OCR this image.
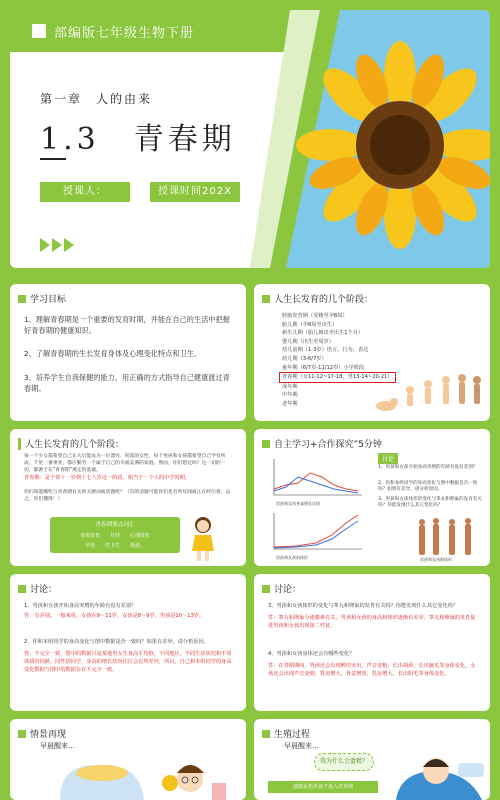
部编版七年级生物下册
第一章　人的由来
1.3　青春期
授课人：	授课时间202X
学习目标
1、理解青春期是一个重要的发育时期，并能在自己的生活中把握好青春期的健康知识。
2、了解青春期的生长发育身体及心理变化特点和卫生。
3、培养学生自我保健的能力，用正确的方式指导自己健康渡过青春期。
人生长发育的几个阶段：
胚胎发育期（受精至孕8周）
胎儿期（孕8周至出生）
新生儿期（胎儿娩出至出生1个月）
婴儿期（出生至周岁）
幼儿前期（1-3岁）语言，行为，表达
幼儿期（3-6/7岁）
童年期（6/7岁-11/12岁）小学阶段
青春期（女11-12~17-18，男13-14~20-21）
成年期
中年期
老年期
人生长发育的几个阶段：
每一个少女都希望自己长大后能成为一位漂亮、窈窕的女性，每个男孩和女孩都希望自己学有所成。千里一番事业，都应勤劳一个属于自己的幸福美满的家庭。然而，你们想过吗？这一切的一切，都源于在“青春期”奠定的基础。
青春期：是个体十一岁到十七八岁这一阶段，相当于一个人的中学时期。
你们知道哪些与青春期有关的关键词或话题呢？（有的话题可能你们也有所耳闻或正在经历着，总之，你们懂得！）
青春期重点词汇
身体发育　　月经　　心理变化
早恋　　性卫生　　叛逆…
自主学习+合作探究”5分钟
男孩和女孩身高增长比较
男孩和女孩的体形
讨论
1、男孩和女孩开始身高突增的年龄有没有差别？
2、你和本组同学的身高变化与图中数据是否一致吗？如果有差异，请分析原因。
3、男孩和女孩体形的变化与睾丸和卵巢的发育有关吗？你能发现什么其它变化吗？
男孩和女孩的体形
讨论：
1、男孩和女孩开始身高突增的年龄有没有差别？
答：有差别，一般来说，女孩在9～11岁，女孩是8～9岁，男孩是10～13岁。
2、你和本组同学的身高变化与图中数据是否一致吗？如果有差异，请分析原因。
答：不完全一致，图中的数据只是某地男女生身高平均值，不同地区，不同生活状况和不同体质的同龄，同性别同学，身高的增长状况往往会有所差异，所以，自己和本组同学的身高变化数据与图中的数据存在不完全一致。
讨论：
3、男孩和女孩体形的变化与睾丸和卵巢的发育有关吗？你能发现什么其它变化吗？
答：睾丸和卵巢分泌激素有关，男孩和女孩的身高和体形逐渐有差异，睾丸和卵巢的发育促进男孩和女孩出现第二性征。
4、男孩和女孩身体还会有哪些变化？
答：在青期期间，男孩还会出现喉结突出，声音变粗，长出胡须，长出腋毛等身体变化，女孩还会出现声音变细，乳房增大，骨盆增宽，乳房增大，长出阴毛等身体变化。
情景再现
早晨醒来…
生殖过程
早晨醒来…
我为什么会遗精？
遗精是指男孩子进入青春期
